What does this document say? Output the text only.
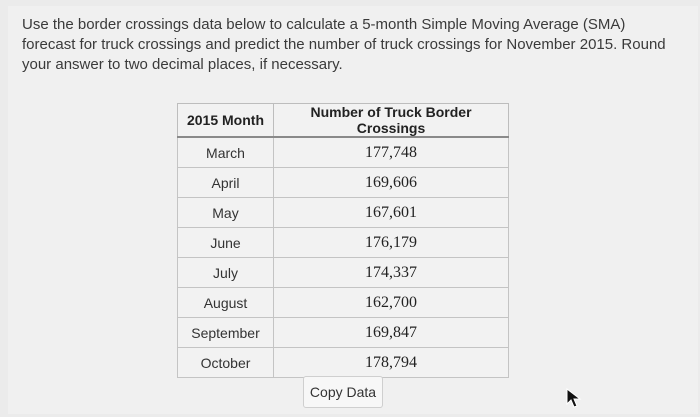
Use the border crossings data below to calculate a 5-month Simple Moving Average (SMA) forecast for truck crossings and predict the number of truck crossings for November 2015. Round your answer to two decimal places, if necessary.
2015 Month	Number of Truck Border Crossings
March	177,748
April	169,606
May	167,601
June	176,179
July	174,337
August	162,700
September	169,847
October	178,794
Copy Data
